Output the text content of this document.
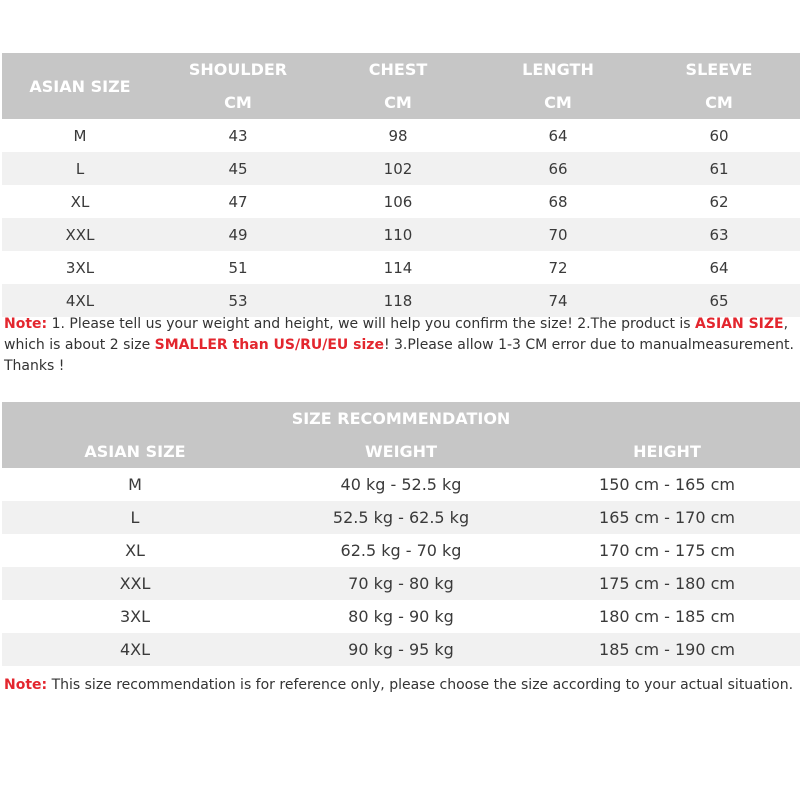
ASIAN SIZE	SHOULDER	CHEST	LENGTH	SLEEVE
	CM	CM	CM	CM
M	43	98	64	60
L	45	102	66	61
XL	47	106	68	62
XXL	49	110	70	63
3XL	51	114	72	64
4XL	53	118	74	65
Note: 1. Please tell us your weight and height, we will help you confirm the size! 2.The product is ASIAN SIZE, which is about 2 size SMALLER than US/RU/EU size! 3.Please allow 1-3 CM error due to manualmeasurement. Thanks !
SIZE RECOMMENDATION		
ASIAN SIZE	WEIGHT	HEIGHT
M	40 kg - 52.5 kg	150 cm - 165 cm
L	52.5 kg - 62.5 kg	165 cm - 170 cm
XL	62.5 kg - 70 kg	170 cm - 175 cm
XXL	70 kg - 80 kg	175 cm - 180 cm
3XL	80 kg - 90 kg	180 cm - 185 cm
4XL	90 kg - 95 kg	185 cm - 190 cm
Note: This size recommendation is for reference only, please choose the size according to your actual situation.
